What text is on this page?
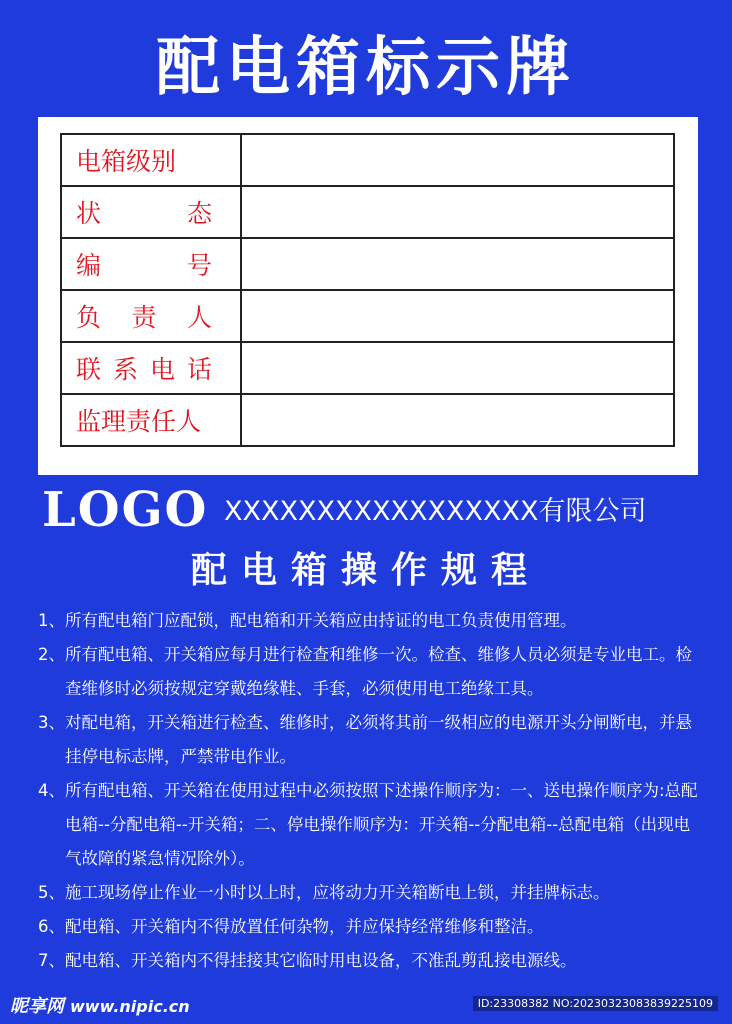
配电箱标示牌
电箱级别	

状 态	

编 号	

负 责 人	

联 系 电 话	

监理责任人	
LOGO XXXXXXXXXXXXXXXXX有限公司
配电箱操作规程
1、 所有配电箱门应配锁，配电箱和开关箱应由持证的电工负责使用管理。
2、 所有配电箱、开关箱应每月进行检查和维修一次。检查、维修人员必须是专业电工。检查维修时必须按规定穿戴绝缘鞋、手套，必须使用电工绝缘工具。
3、 对配电箱，开关箱进行检查、维修时，必须将其前一级相应的电源开头分闸断电，并悬挂停电标志牌，严禁带电作业。
4、 所有配电箱、开关箱在使用过程中必须按照下述操作顺序为：一、送电操作顺序为:总配电箱--分配电箱--开关箱；二、停电操作顺序为：开关箱--分配电箱--总配电箱（出现电气故障的紧急情况除外）。
5、 施工现场停止作业一小时以上时，应将动力开关箱断电上锁，并挂牌标志。
6、 配电箱、开关箱内不得放置任何杂物，并应保持经常维修和整洁。
7、 配电箱、开关箱内不得挂接其它临时用电设备，不准乱剪乱接电源线。
昵享网 www.nipic.cn	ID:23308382 NO:20230323083839225109
